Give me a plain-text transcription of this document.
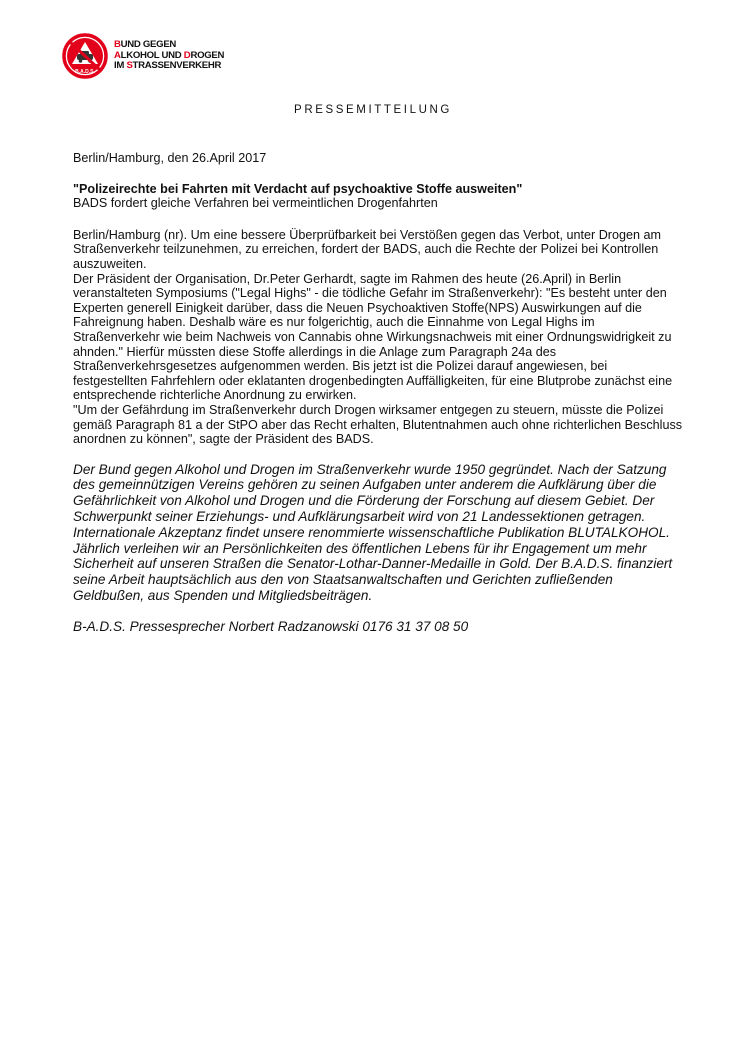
B.A.D.S.
BUND GEGEN
ALKOHOL UND DROGEN
IM STRASSENVERKEHR
PRESSEMITTEILUNG

Berlin/Hamburg, den 26.April 2017

"Polizeirechte bei Fahrten mit Verdacht auf psychoaktive Stoffe ausweiten"

BADS fordert gleiche Verfahren bei vermeintlichen Drogenfahrten

Berlin/Hamburg (nr). Um eine bessere Überprüfbarkeit bei Verstößen gegen das Verbot, unter Drogen am Straßenverkehr teilzunehmen, zu erreichen, fordert der BADS, auch die Rechte der Polizei bei Kontrollen auszuweiten.

Der Präsident der Organisation, Dr.Peter Gerhardt, sagte im Rahmen des heute (26.April) in Berlin veranstalteten Symposiums ("Legal Highs" - die tödliche Gefahr im Straßenverkehr): "Es besteht unter den Experten generell Einigkeit darüber, dass die Neuen Psychoaktiven Stoffe(NPS) Auswirkungen auf die Fahreignung haben. Deshalb wäre es nur folgerichtig, auch die Einnahme von Legal Highs im Straßenverkehr wie beim Nachweis von Cannabis ohne Wirkungsnachweis mit einer Ordnungswidrigkeit zu ahnden." Hierfür müssten diese Stoffe allerdings in die Anlage zum Paragraph 24a des Straßenverkehrsgesetzes aufgenommen werden. Bis jetzt ist die Polizei darauf angewiesen, bei festgestellten Fahrfehlern oder eklatanten drogenbedingten Auffälligkeiten, für eine Blutprobe zunächst eine entsprechende richterliche Anordnung zu erwirken.

"Um der Gefährdung im Straßenverkehr durch Drogen wirksamer entgegen zu steuern, müsste die Polizei gemäß Paragraph 81 a der StPO aber das Recht erhalten, Blutentnahmen auch ohne richterlichen Beschluss anordnen zu können", sagte der Präsident des BADS.

Der Bund gegen Alkohol und Drogen im Straßenverkehr wurde 1950 gegründet. Nach der Satzung des gemeinnützigen Vereins gehören zu seinen Aufgaben unter anderem die Aufklärung über die Gefährlichkeit von Alkohol und Drogen und die Förderung der Forschung auf diesem Gebiet. Der Schwerpunkt seiner Erziehungs- und Aufklärungsarbeit wird von 21 Landessektionen getragen. Internationale Akzeptanz findet unsere renommierte wissenschaftliche Publikation BLUTALKOHOL. Jährlich verleihen wir an Persönlichkeiten des öffentlichen Lebens für ihr Engagement um mehr Sicherheit auf unseren Straßen die Senator-Lothar-Danner-Medaille in Gold. Der B.A.D.S. finanziert seine Arbeit hauptsächlich aus den von Staatsanwaltschaften und Gerichten zufließenden Geldbußen, aus Spenden und Mitgliedsbeiträgen.

B-A.D.S. Pressesprecher Norbert Radzanowski 0176 31 37 08 50
